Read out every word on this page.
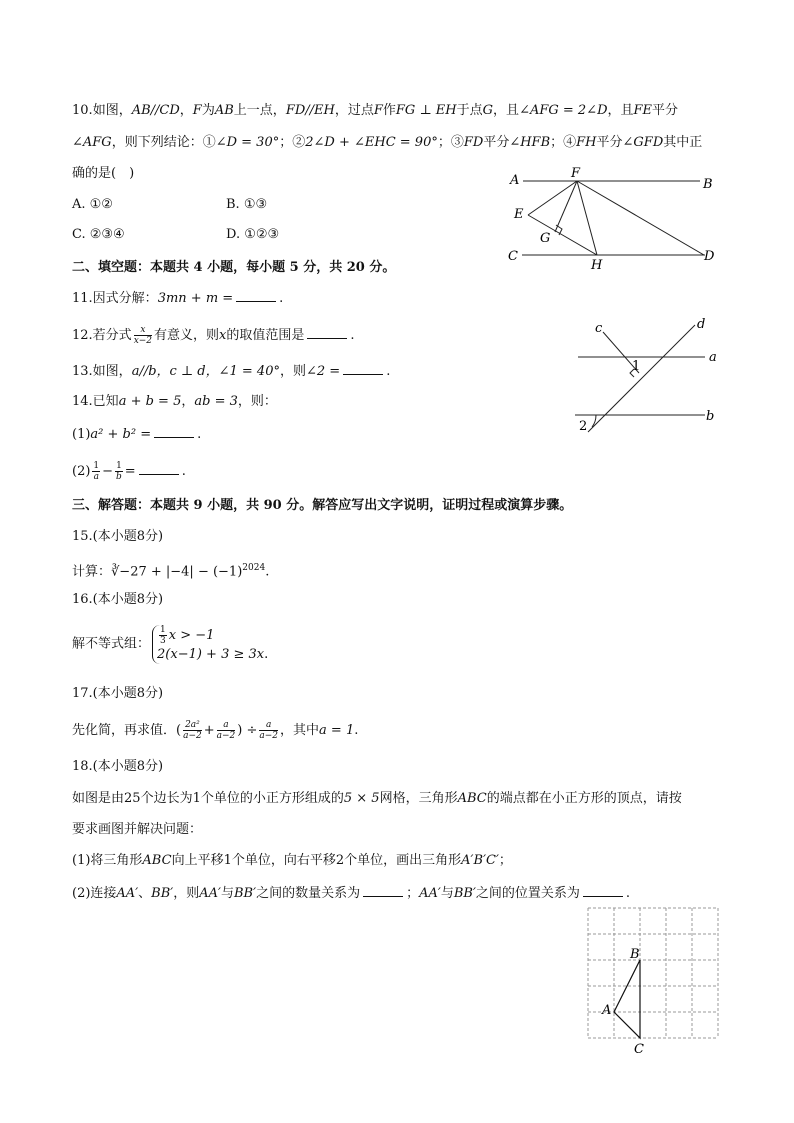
10.如图，AB//CD，F为AB上一点，FD//EH，过点F作FG ⊥ EH于点G，且∠AFG = 2∠D，且FE平分
∠AFG，则下列结论：①∠D = 30°；②2∠D + ∠EHC = 90°；③FD平分∠HFB；④FH平分∠GFD其中正
确的是(　)
A. ①②	B. ①③
C. ②③④	D. ①②③
A	B
C	D
E
F
G
H
二、填空题：本题共 4 小题，每小题 5 分，共 20 分。
11.因式分解：3mn + m =	.
12.若分式 $\frac{x}{x-2}$ 有意义，则x的取值范围是	.
13.如图，a//b，c ⊥ d，∠1 = 40°，则∠2 =	.
14.已知a + b = 5，ab = 3，则：
(1)a² + b² =	.
$(2) \frac{1}{a} - \frac{1}{b}$ =	.
c	d
a
b
1
2
三、解答题：本题共 9 小题，共 90 分。解答应写出文字说明，证明过程或演算步骤。
15.(本小题8分)
计算：∛−27 + $|-4| - (-1)^{2024}$.
16.(本小题8分)
解不等式组： $\frac{1}{3}$ x > −1
2(x−1) + 3 ≥ 3x .
17.(本小题8分)
先化简，再求值．( $\frac{\text{2a²}}{a-2} + \frac{a}{a-2}$ ) ÷ $\frac{a}{a-2}$ ，其中a = 1.
18.(本小题8分)
如图是由25个边长为1个单位的小正方形组成的5 × 5网格，三角形ABC的端点都在小正方形的顶点，请按
要求画图并解决问题：
(1)将三角形ABC向上平移1个单位，向右平移2个单位，画出三角形A′B′C′；
(2)连接AA′、BB′，则AA′与BB′之间的数量关系为	；AA′与BB′之间的位置关系为	.
A
B
C
